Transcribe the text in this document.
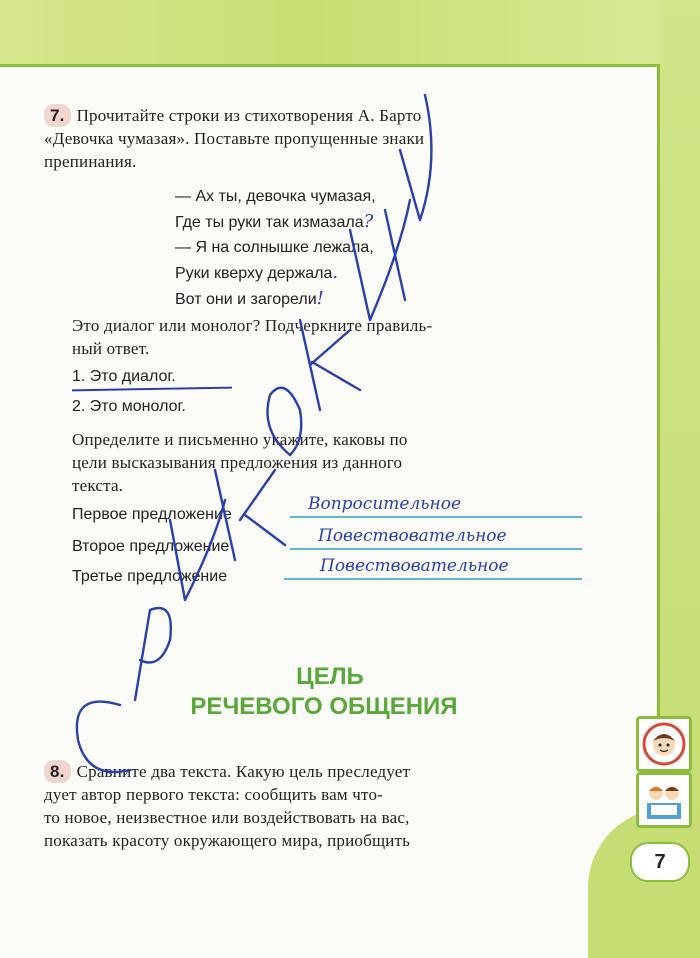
7. Прочитайте строки из стихотворения А. Барто
«Девочка чумазая». Поставьте пропущенные знаки
препинания.
— Ах ты, девочка чумазая,
Где ты руки так измазала?
— Я на солнышке лежала,
Руки кверху держала.
Вот они и загорели!
Это диалог или монолог? Подчеркните правиль-
ный ответ.
1. Это диалог.
2. Это монолог.
Определите и письменно укажите, каковы по
цели высказывания предложения из данного
текста.
Первое предложение
Вопросительное
Второе предложение
Повествовательное
Третье предложение
Повествовательное
ЦЕЛЬ
РЕЧЕВОГО ОБЩЕНИЯ
8. Сравните два текста. Какую цель преследует
дует автор первого текста: сообщить вам что-
то новое, неизвестное или воздействовать на вас,
показать красоту окружающего мира, приобщить
7
